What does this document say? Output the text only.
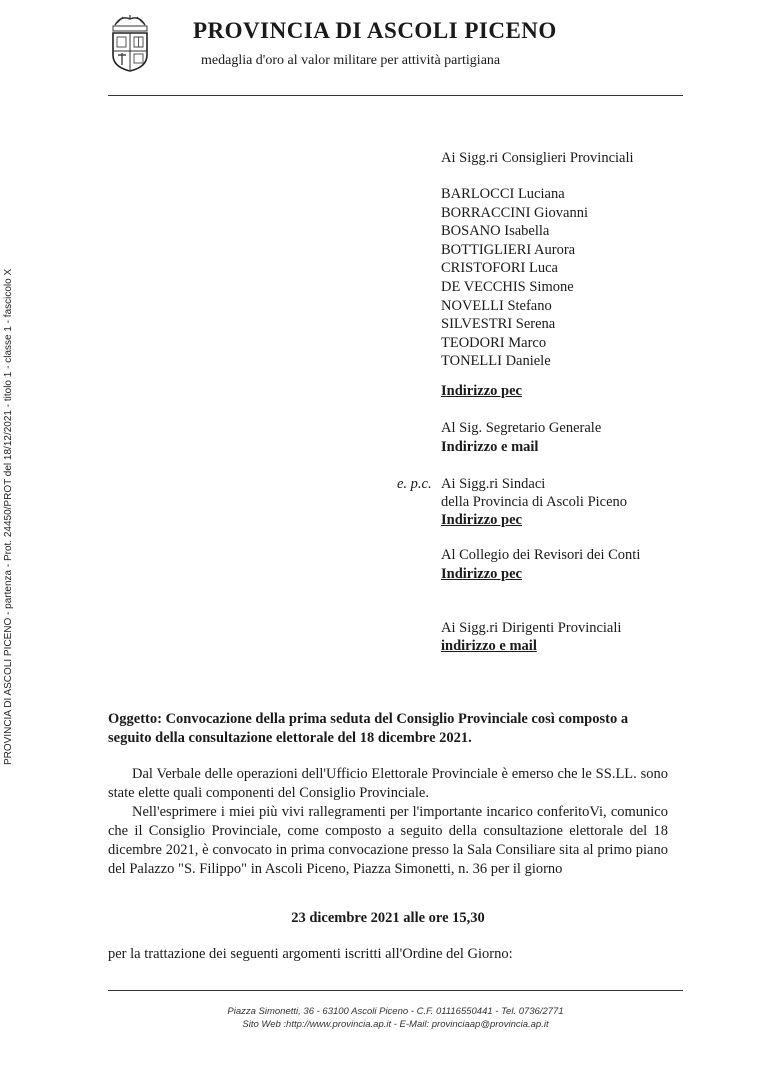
PROVINCIA DI ASCOLI PICENO
medaglia d'oro al valor militare per attività partigiana
PROVINCIA DI ASCOLI PICENO - partenza - Prot. 24450/PROT del 18/12/2021 - titolo 1 - classe 1 - fascicolo X
Ai Sigg.ri Consiglieri Provinciali
BARLOCCI Luciana
BORRACCINI Giovanni
BOSANO Isabella
BOTTIGLIERI Aurora
CRISTOFORI Luca
DE VECCHIS Simone
NOVELLI Stefano
SILVESTRI Serena
TEODORI Marco
TONELLI Daniele
Indirizzo pec
Al Sig. Segretario Generale
Indirizzo e mail
e. p.c. Ai Sigg.ri Sindaci
della Provincia di Ascoli Piceno
Indirizzo pec
Al Collegio dei Revisori dei Conti
Indirizzo pec
Ai Sigg.ri Dirigenti Provinciali
indirizzo e mail
Oggetto: Convocazione della prima seduta del Consiglio Provinciale così composto a seguito della consultazione elettorale del 18 dicembre 2021.

Dal Verbale delle operazioni dell'Ufficio Elettorale Provinciale è emerso che le SS.LL. sono state elette quali componenti del Consiglio Provinciale.

Nell'esprimere i miei più vivi rallegramenti per l'importante incarico conferitoVi, comunico che il Consiglio Provinciale, come composto a seguito della consultazione elettorale del 18 dicembre 2021, è convocato in prima convocazione presso la Sala Consiliare sita al primo piano del Palazzo "S. Filippo" in Ascoli Piceno, Piazza Simonetti, n. 36 per il giorno

23 dicembre 2021 alle ore 15,30
per la trattazione dei seguenti argomenti iscritti all'Ordine del Giorno:
Piazza Simonetti, 36 - 63100 Ascoli Piceno - C.F. 01116550441 - Tel. 0736/2771
Sito Web :http://www.provincia.ap.it - E-Mail: provinciaap@provincia.ap.it
